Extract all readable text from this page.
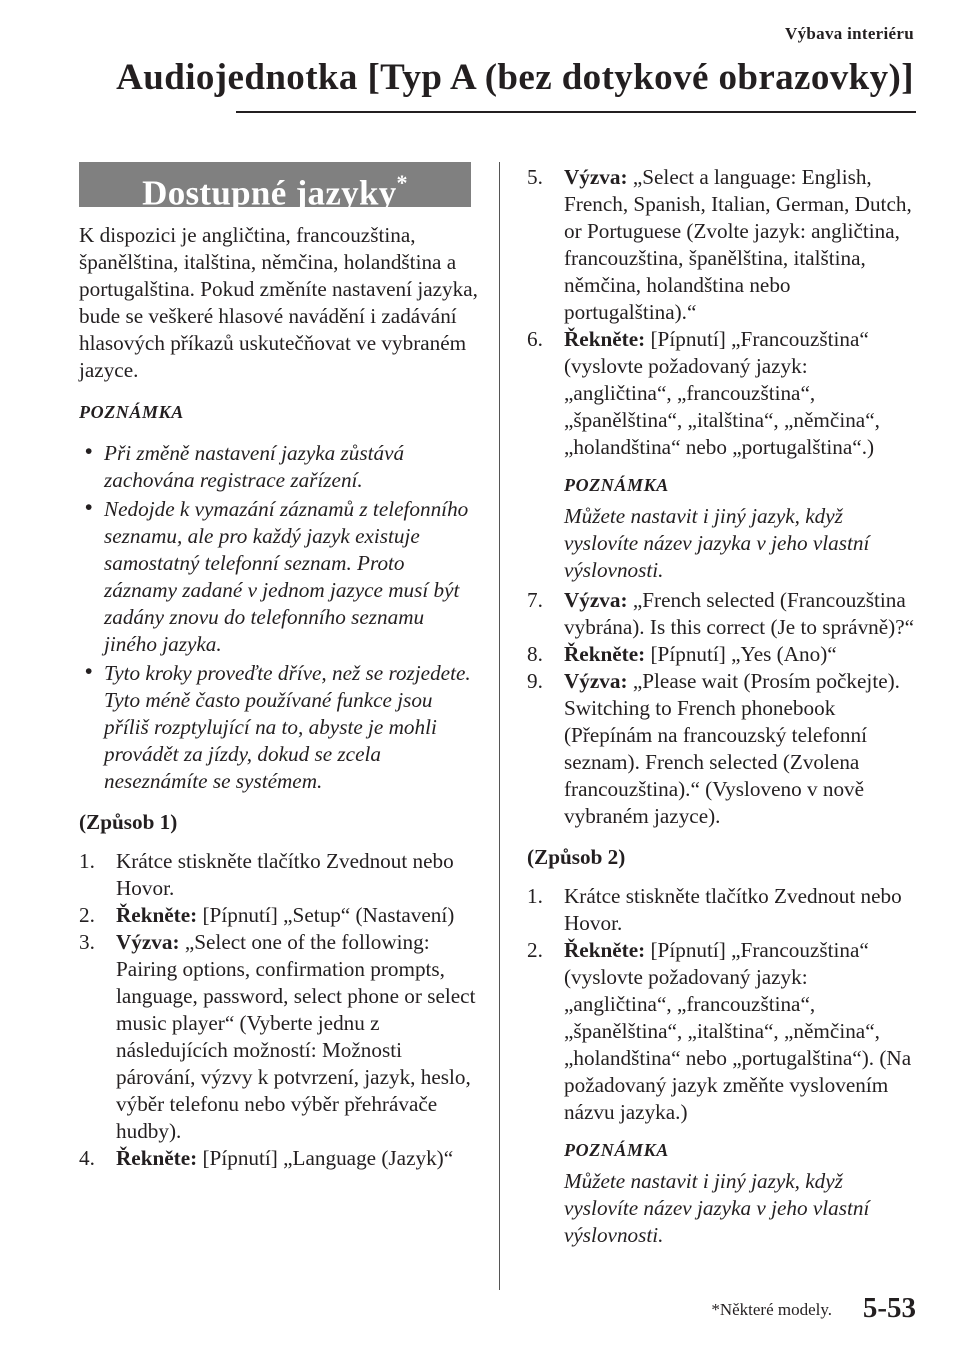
Výbava interiéru
Audiojednotka [Typ A (bez dotykové obrazovky)]
Dostupné jazyky*

K dispozici je angličtina, francouzština, španělština, italština, němčina, holandština a portugalština. Pokud změníte nastavení jazyka, bude se veškeré hlasové navádění i zadávání hlasových příkazů uskutečňovat ve vybraném jazyce.

POZNÁMKA

• Při změně nastavení jazyka zůstává zachována registrace zařízení.
• Nedojde k vymazání záznamů z telefonního seznamu, ale pro každý jazyk existuje samostatný telefonní seznam. Proto záznamy zadané v jednom jazyce musí být zadány znovu do telefonního seznamu jiného jazyka.
• Tyto kroky proveďte dříve, než se rozjedete. Tyto méně často používané funkce jsou příliš rozptylující na to, abyste je mohli provádět za jízdy, dokud se zcela neseznámíte se systémem.

(Způsob 1)

1. Krátce stiskněte tlačítko Zvednout nebo Hovor.
2. Řekněte: [Pípnutí] „Setup“ (Nastavení)
3. Výzva: „Select one of the following: Pairing options, confirmation prompts, language, password, select phone or select music player“ (Vyberte jednu z následujících možností: Možnosti párování, výzvy k potvrzení, jazyk, heslo, výběr telefonu nebo výběr přehrávače hudby).
4. Řekněte: [Pípnutí] „Language (Jazyk)“
5. Výzva: „Select a language: English, French, Spanish, Italian, German, Dutch, or Portuguese (Zvolte jazyk: angličtina, francouzština, španělština, italština, němčina, holandština nebo portugalština).“
6. Řekněte: [Pípnutí] „Francouzština“ (vyslovte požadovaný jazyk: „angličtina“, „francouzština“, „španělština“, „italština“, „němčina“, „holandština“ nebo „portugalština“.)

POZNÁMKA

Můžete nastavit i jiný jazyk, když vyslovíte název jazyka v jeho vlastní výslovnosti.

7. Výzva: „French selected (Francouzština vybrána). Is this correct (Je to správně)?“
8. Řekněte: [Pípnutí] „Yes (Ano)“
9. Výzva: „Please wait (Prosím počkejte). Switching to French phonebook (Přepínám na francouzský telefonní seznam). French selected (Zvolena francouzština).“ (Vysloveno v nově vybraném jazyce).

(Způsob 2)

1. Krátce stiskněte tlačítko Zvednout nebo Hovor.
2. Řekněte: [Pípnutí] „Francouzština“ (vyslovte požadovaný jazyk: „angličtina“, „francouzština“, „španělština“, „italština“, „němčina“, „holandština“ nebo „portugalština“). (Na požadovaný jazyk změňte vyslovením názvu jazyka.)

POZNÁMKA

Můžete nastavit i jiný jazyk, když vyslovíte název jazyka v jeho vlastní výslovnosti.

*Některé modely. 5-53
